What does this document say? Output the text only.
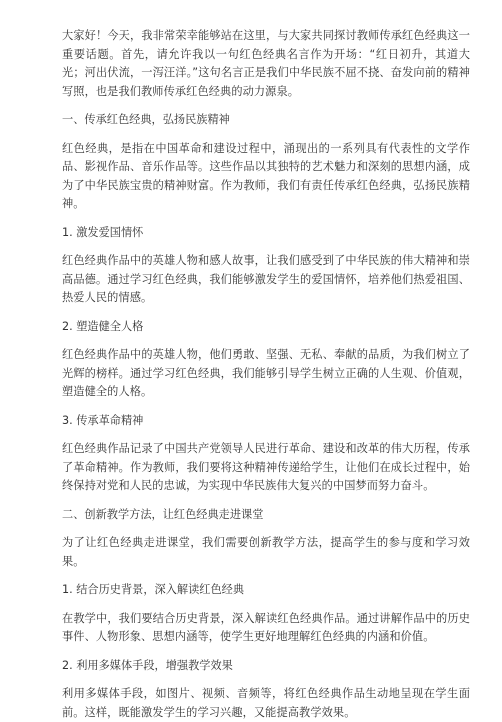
大家好！今天，我非常荣幸能够站在这里，与大家共同探讨教师传承红色经典这一重要话题。首先，请允许我以一句红色经典名言作为开场：“红日初升，其道大光；河出伏流，一泻汪洋。”这句名言正是我们中华民族不屈不挠、奋发向前的精神写照，也是我们教师传承红色经典的动力源泉。

一、传承红色经典，弘扬民族精神

红色经典，是指在中国革命和建设过程中，涌现出的一系列具有代表性的文学作品、影视作品、音乐作品等。这些作品以其独特的艺术魅力和深刻的思想内涵，成为了中华民族宝贵的精神财富。作为教师，我们有责任传承红色经典，弘扬民族精神。

1. 激发爱国情怀

红色经典作品中的英雄人物和感人故事，让我们感受到了中华民族的伟大精神和崇高品德。通过学习红色经典，我们能够激发学生的爱国情怀，培养他们热爱祖国、热爱人民的情感。

2. 塑造健全人格

红色经典作品中的英雄人物，他们勇敢、坚强、无私、奉献的品质，为我们树立了光辉的榜样。通过学习红色经典，我们能够引导学生树立正确的人生观、价值观，塑造健全的人格。

3. 传承革命精神

红色经典作品记录了中国共产党领导人民进行革命、建设和改革的伟大历程，传承了革命精神。作为教师，我们要将这种精神传递给学生，让他们在成长过程中，始终保持对党和人民的忠诚，为实现中华民族伟大复兴的中国梦而努力奋斗。

二、创新教学方法，让红色经典走进课堂

为了让红色经典走进课堂，我们需要创新教学方法，提高学生的参与度和学习效果。

1. 结合历史背景，深入解读红色经典

在教学中，我们要结合历史背景，深入解读红色经典作品。通过讲解作品中的历史事件、人物形象、思想内涵等，使学生更好地理解红色经典的内涵和价值。

2. 利用多媒体手段，增强教学效果

利用多媒体手段，如图片、视频、音频等，将红色经典作品生动地呈现在学生面前。这样，既能激发学生的学习兴趣，又能提高教学效果。
